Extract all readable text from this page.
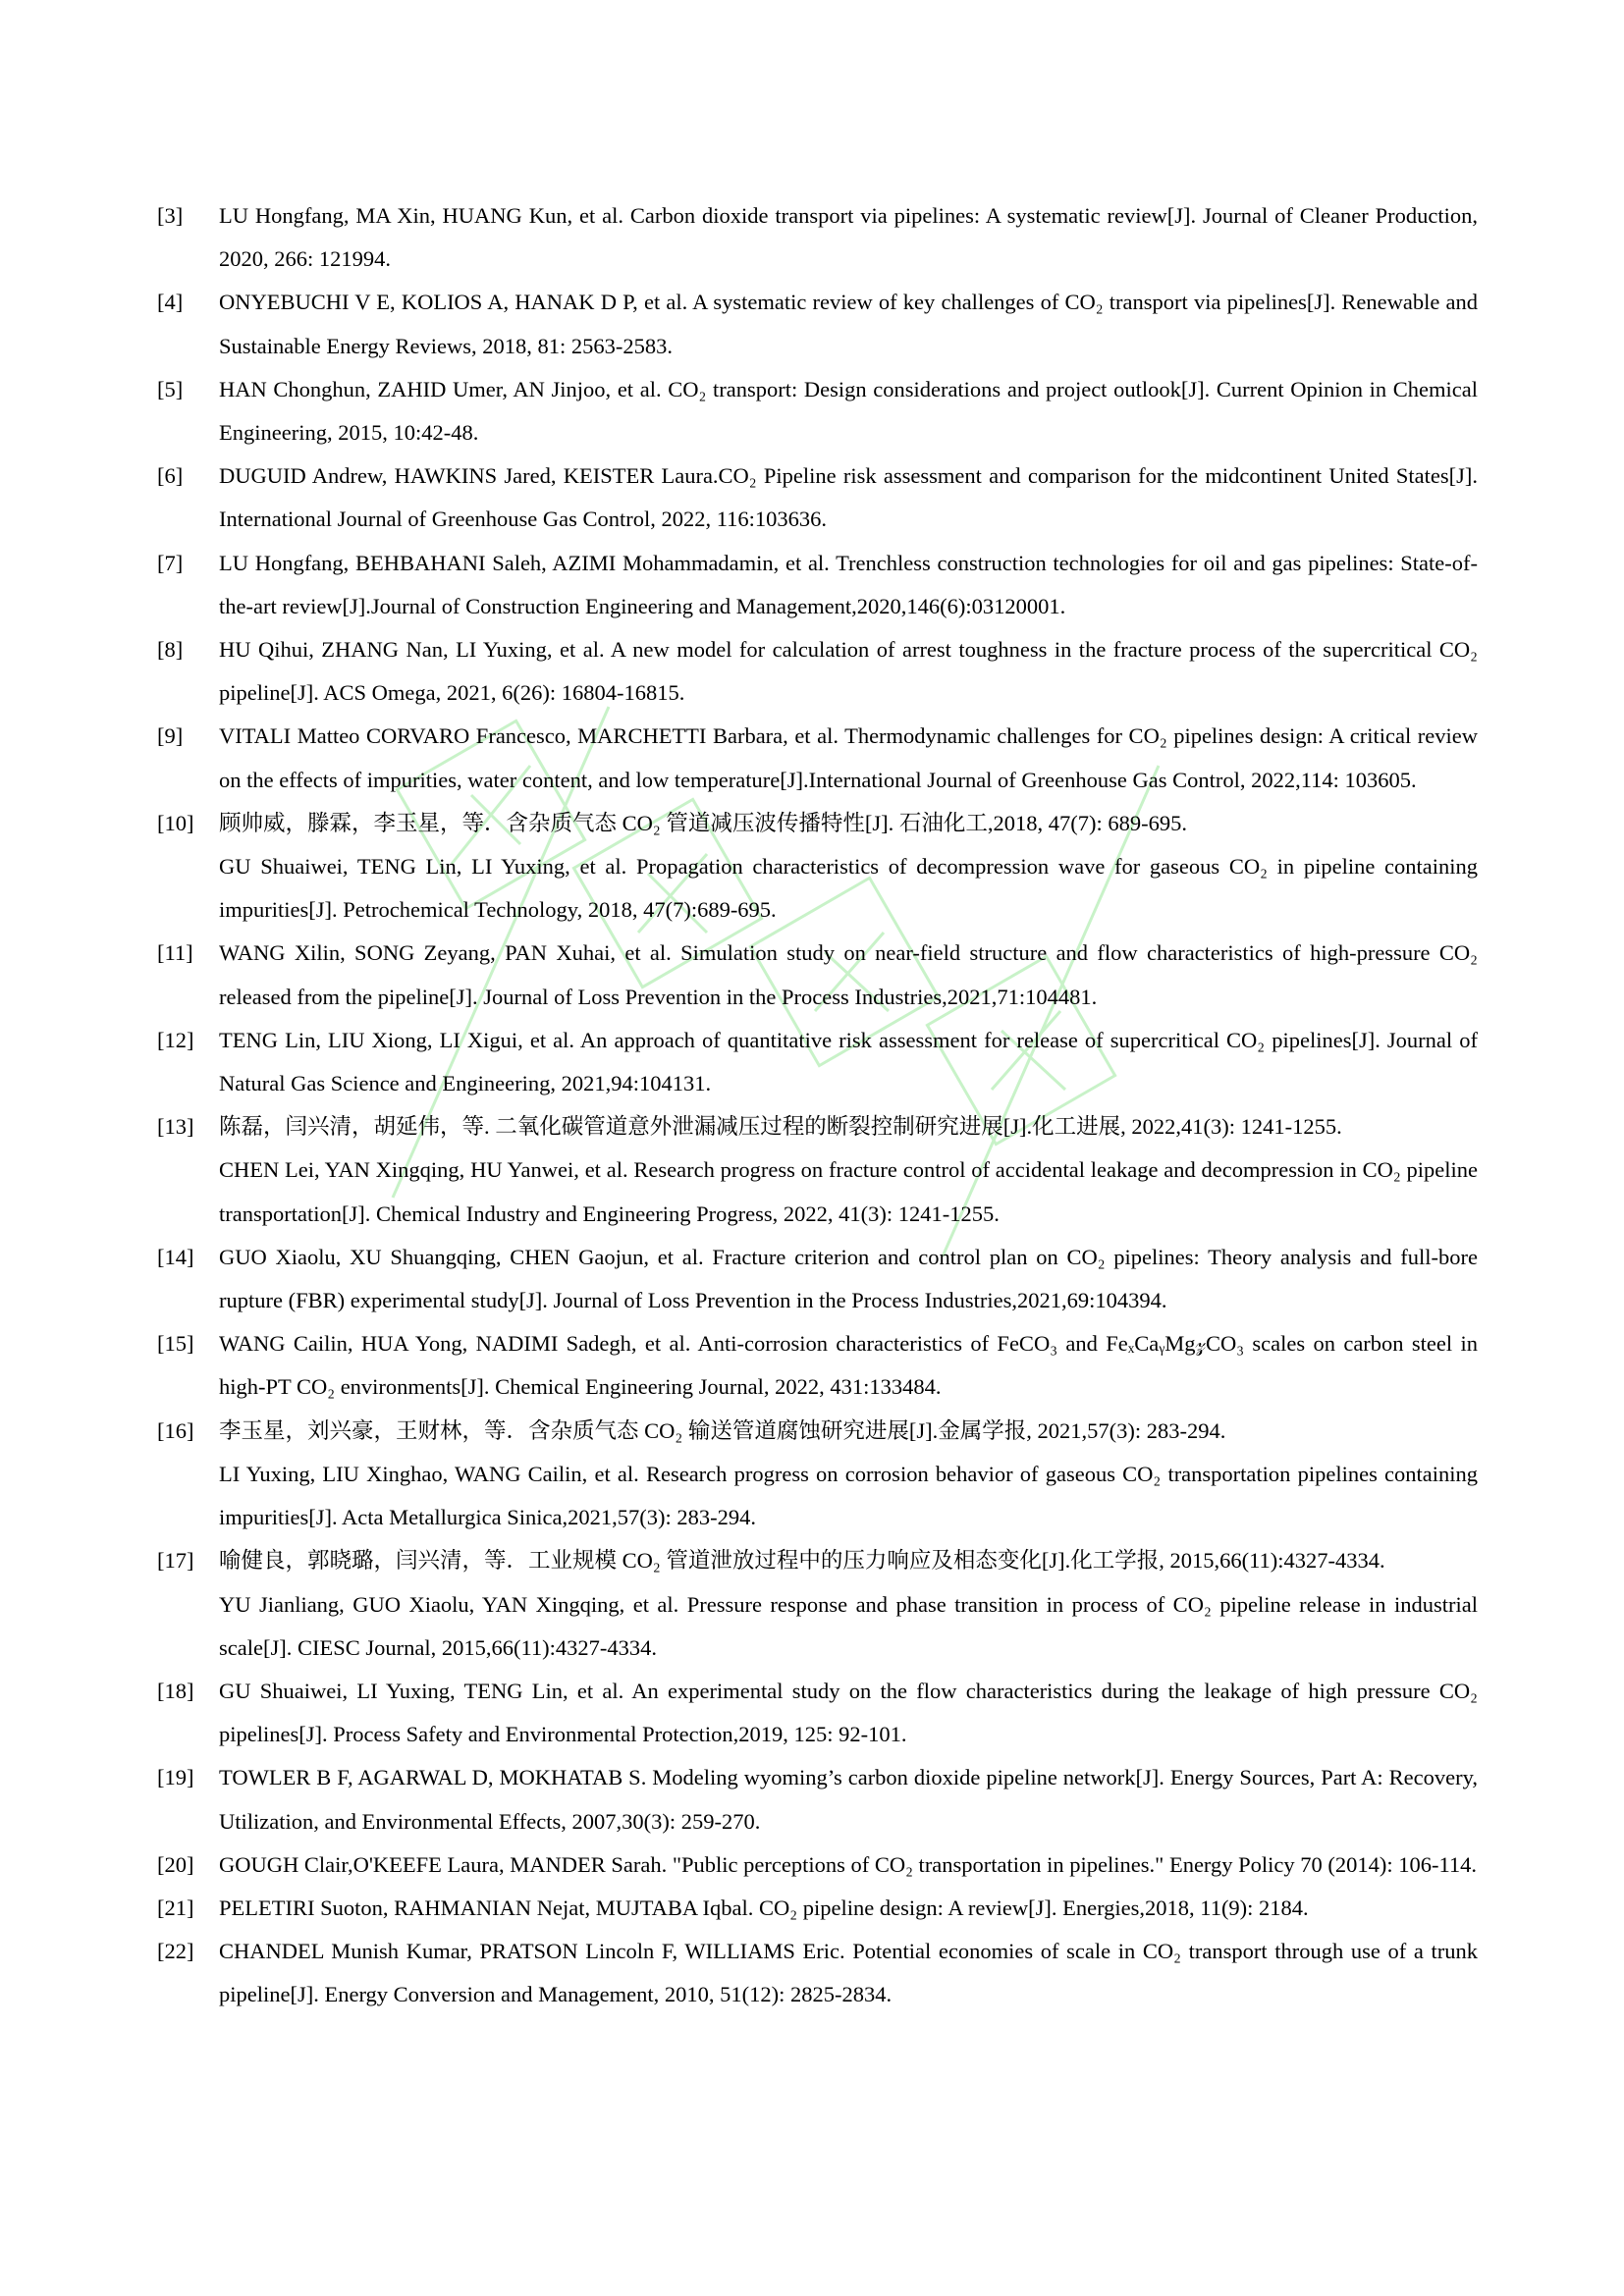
[3] LU Hongfang, MA Xin, HUANG Kun, et al. Carbon dioxide transport via pipelines: A systematic review[J]. Journal of Cleaner Production, 2020, 266: 121994.
[4] ONYEBUCHI V E, KOLIOS A, HANAK D P, et al. A systematic review of key challenges of CO₂ transport via pipelines[J]. Renewable and Sustainable Energy Reviews, 2018, 81: 2563-2583.
[5] HAN Chonghun, ZAHID Umer, AN Jinjoo, et al. CO₂ transport: Design considerations and project outlook[J]. Current Opinion in Chemical Engineering, 2015, 10:42-48.
[6] DUGUID Andrew, HAWKINS Jared, KEISTER Laura.CO₂ Pipeline risk assessment and comparison for the midcontinent United States[J]. International Journal of Greenhouse Gas Control, 2022, 116:103636.
[7] LU Hongfang, BEHBAHANI Saleh, AZIMI Mohammadamin, et al. Trenchless construction technologies for oil and gas pipelines: State-of-the-art review[J].Journal of Construction Engineering and Management,2020,146(6):03120001.
[8] HU Qihui, ZHANG Nan, LI Yuxing, et al. A new model for calculation of arrest toughness in the fracture process of the supercritical CO₂ pipeline[J]. ACS Omega, 2021, 6(26): 16804-16815.
[9] VITALI Matteo CORVARO Francesco, MARCHETTI Barbara, et al. Thermodynamic challenges for CO₂ pipelines design: A critical review on the effects of impurities, water content, and low temperature[J].International Journal of Greenhouse Gas Control, 2022,114: 103605.
[10] 顾帅威，滕霖，李玉星，等．含杂质气态 CO₂ 管道减压波传播特性[J]. 石油化工,2018, 47(7): 689-695.
GU Shuaiwei, TENG Lin, LI Yuxing, et al. Propagation characteristics of decompression wave for gaseous CO₂ in pipeline containing impurities[J]. Petrochemical Technology, 2018, 47(7):689-695.
[11] WANG Xilin, SONG Zeyang, PAN Xuhai, et al. Simulation study on near-field structure and flow characteristics of high-pressure CO₂ released from the pipeline[J]. Journal of Loss Prevention in the Process Industries,2021,71:104481.
[12] TENG Lin, LIU Xiong, LI Xigui, et al. An approach of quantitative risk assessment for release of supercritical CO₂ pipelines[J]. Journal of Natural Gas Science and Engineering, 2021,94:104131.
[13] 陈磊，闫兴清，胡延伟，等. 二氧化碳管道意外泄漏减压过程的断裂控制研究进展[J].化工进展, 2022,41(3): 1241-1255.
CHEN Lei, YAN Xingqing, HU Yanwei, et al. Research progress on fracture control of accidental leakage and decompression in CO₂ pipeline transportation[J]. Chemical Industry and Engineering Progress, 2022, 41(3): 1241-1255.
[14] GUO Xiaolu, XU Shuangqing, CHEN Gaojun, et al. Fracture criterion and control plan on CO₂ pipelines: Theory analysis and full-bore rupture (FBR) experimental study[J]. Journal of Loss Prevention in the Process Industries,2021,69:104394.
[15] WANG Cailin, HUA Yong, NADIMI Sadegh, et al. Anti-corrosion characteristics of FeCO₃ and FeₓCaᵧMg𝓏CO₃ scales on carbon steel in high-PT CO₂ environments[J]. Chemical Engineering Journal, 2022, 431:133484.
[16] 李玉星，刘兴豪，王财林，等．含杂质气态 CO₂ 输送管道腐蚀研究进展[J].金属学报, 2021,57(3): 283-294.
LI Yuxing, LIU Xinghao, WANG Cailin, et al. Research progress on corrosion behavior of gaseous CO₂ transportation pipelines containing impurities[J]. Acta Metallurgica Sinica,2021,57(3): 283-294.
[17] 喻健良，郭晓璐，闫兴清，等．工业规模 CO₂ 管道泄放过程中的压力响应及相态变化[J].化工学报, 2015,66(11):4327-4334.
YU Jianliang, GUO Xiaolu, YAN Xingqing, et al. Pressure response and phase transition in process of CO₂ pipeline release in industrial scale[J]. CIESC Journal, 2015,66(11):4327-4334.
[18] GU Shuaiwei, LI Yuxing, TENG Lin, et al. An experimental study on the flow characteristics during the leakage of high pressure CO₂ pipelines[J]. Process Safety and Environmental Protection,2019, 125: 92-101.
[19] TOWLER B F, AGARWAL D, MOKHATAB S. Modeling wyoming’s carbon dioxide pipeline network[J]. Energy Sources, Part A: Recovery, Utilization, and Environmental Effects, 2007,30(3): 259-270.
[20] GOUGH Clair,O'KEEFE Laura, MANDER Sarah. "Public perceptions of CO₂ transportation in pipelines." Energy Policy 70 (2014): 106-114.
[21] PELETIRI Suoton, RAHMANIAN Nejat, MUJTABA Iqbal. CO₂ pipeline design: A review[J]. Energies,2018, 11(9): 2184.
[22] CHANDEL Munish Kumar, PRATSON Lincoln F, WILLIAMS Eric. Potential economies of scale in CO₂ transport through use of a trunk pipeline[J]. Energy Conversion and Management, 2010, 51(12): 2825-2834.
